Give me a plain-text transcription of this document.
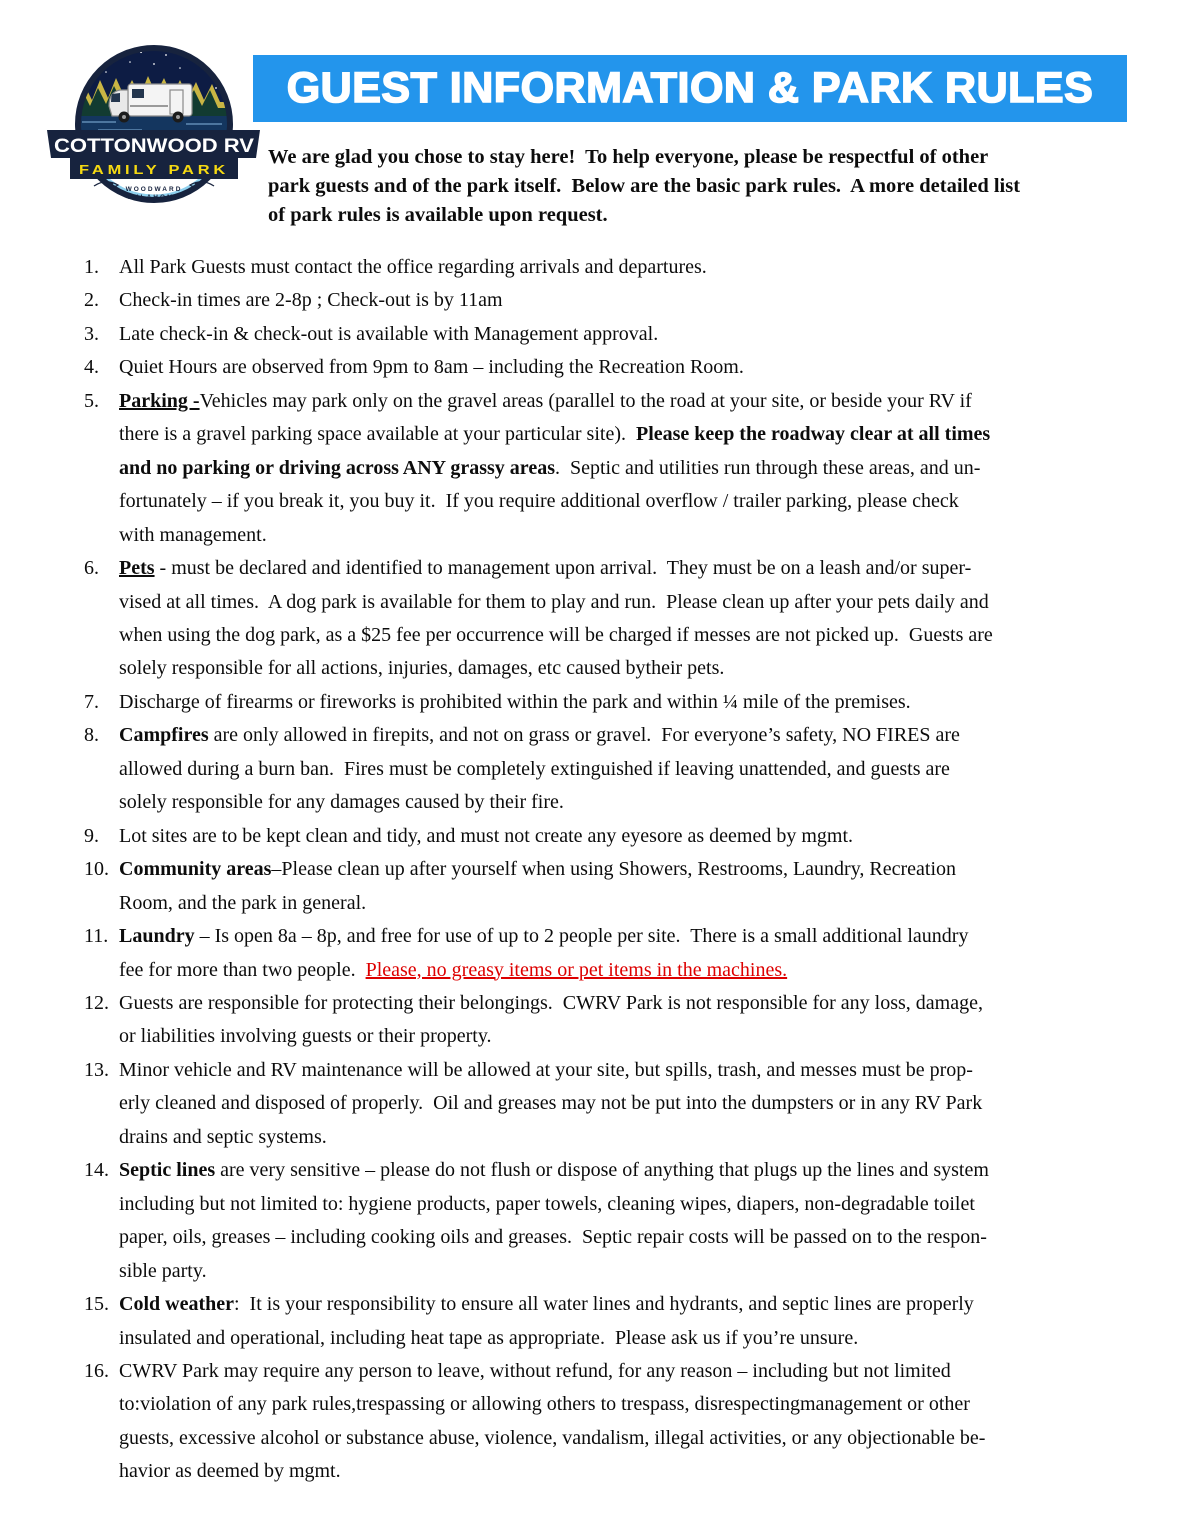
COTTONWOOD RV
FAMILY PARK
WOODWARD
OKLAHOMA
GUEST INFORMATION & PARK RULES
We are glad you chose to stay here!  To help everyone, please be respectful of other
park guests and of the park itself.  Below are the basic park rules.  A more detailed list
of park rules is available upon request.
1. All Park Guests must contact the office regarding arrivals and departures.
2. Check-in times are 2-8p ; Check-out is by 11am
3. Late check-in & check-out is available with Management approval.
4. Quiet Hours are observed from 9pm to 8am – including the Recreation Room.
5. Parking -Vehicles may park only on the gravel areas (parallel to the road at your site, or beside your RV if
there is a gravel parking space available at your particular site).  Please keep the roadway clear at all times
and no parking or driving across ANY grassy areas.  Septic and utilities run through these areas, and un-
fortunately – if you break it, you buy it.  If you require additional overflow / trailer parking, please check
with management.
6. Pets - must be declared and identified to management upon arrival.  They must be on a leash and/or super-
vised at all times.  A dog park is available for them to play and run.  Please clean up after your pets daily and
when using the dog park, as a $25 fee per occurrence will be charged if messes are not picked up.  Guests are
solely responsible for all actions, injuries, damages, etc caused bytheir pets.
7. Discharge of firearms or fireworks is prohibited within the park and within ¼ mile of the premises.
8. Campfires are only allowed in firepits, and not on grass or gravel.  For everyone’s safety, NO FIRES are
allowed during a burn ban.  Fires must be completely extinguished if leaving unattended, and guests are
solely responsible for any damages caused by their fire.
9. Lot sites are to be kept clean and tidy, and must not create any eyesore as deemed by mgmt.
10. Community areas–Please clean up after yourself when using Showers, Restrooms, Laundry, Recreation
Room, and the park in general.
11. Laundry – Is open 8a – 8p, and free for use of up to 2 people per site.  There is a small additional laundry
fee for more than two people.  Please, no greasy items or pet items in the machines.
12. Guests are responsible for protecting their belongings.  CWRV Park is not responsible for any loss, damage,
or liabilities involving guests or their property.
13. Minor vehicle and RV maintenance will be allowed at your site, but spills, trash, and messes must be prop-
erly cleaned and disposed of properly.  Oil and greases may not be put into the dumpsters or in any RV Park
drains and septic systems.
14. Septic lines are very sensitive – please do not flush or dispose of anything that plugs up the lines and system
including but not limited to: hygiene products, paper towels, cleaning wipes, diapers, non-degradable toilet
paper, oils, greases – including cooking oils and greases.  Septic repair costs will be passed on to the respon-
sible party.
15. Cold weather:  It is your responsibility to ensure all water lines and hydrants, and septic lines are properly
insulated and operational, including heat tape as appropriate.  Please ask us if you’re unsure.
16. CWRV Park may require any person to leave, without refund, for any reason – including but not limited
to:violation of any park rules,trespassing or allowing others to trespass, disrespectingmanagement or other
guests, excessive alcohol or substance abuse, violence, vandalism, illegal activities, or any objectionable be-
havior as deemed by mgmt.
